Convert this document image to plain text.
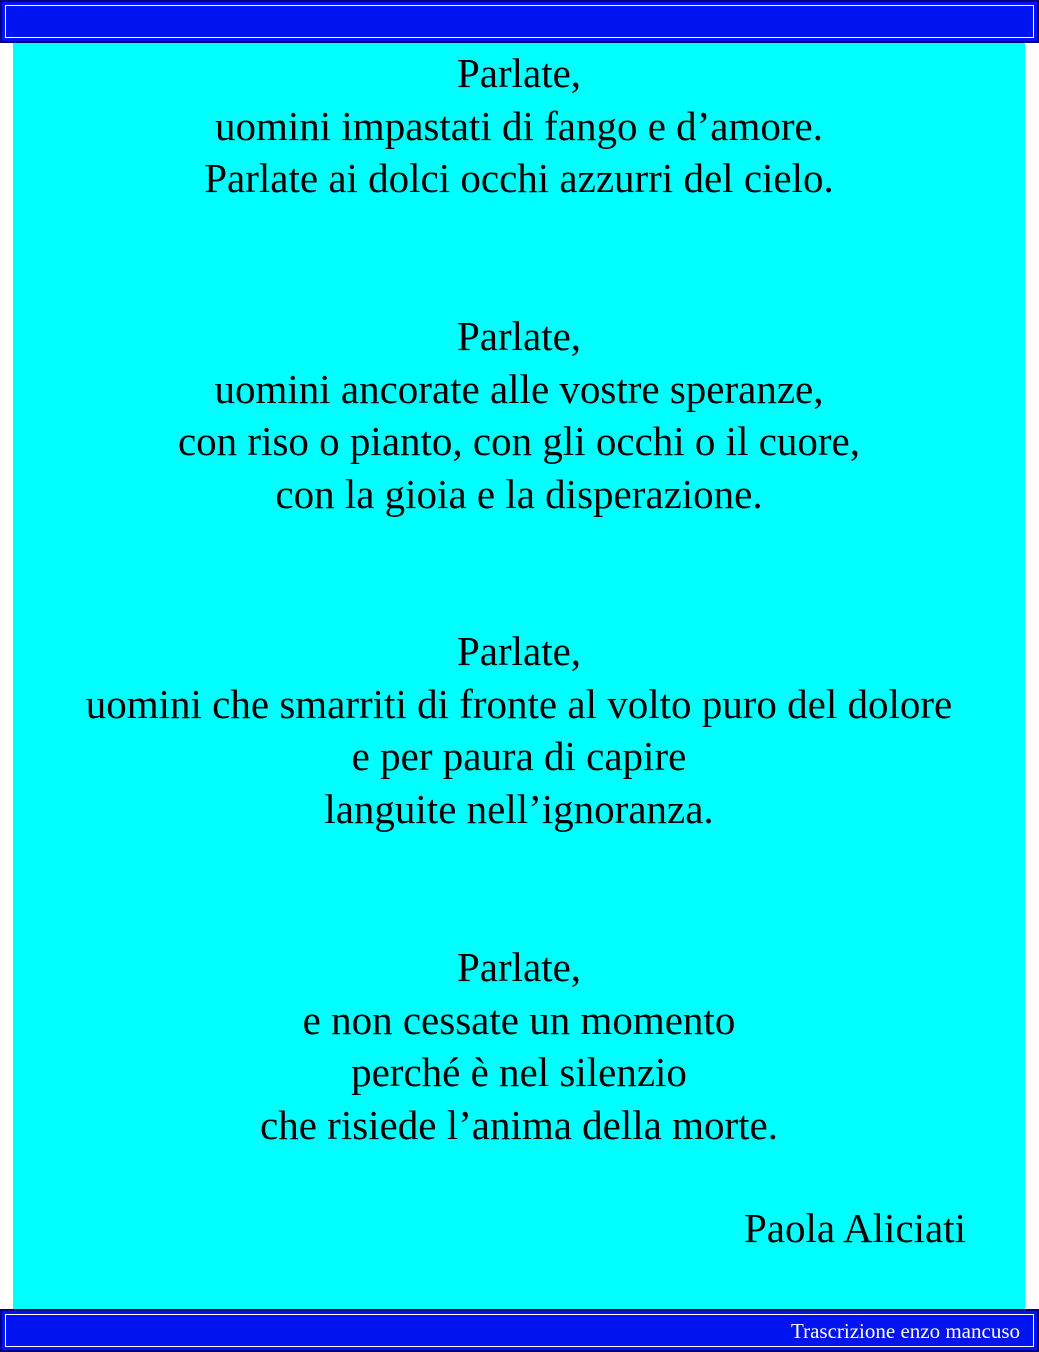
Parlate,
uomini impastati di fango e d’amore.
Parlate ai dolci occhi azzurri del cielo.
Parlate,
uomini ancorate alle vostre speranze,
con riso o pianto, con gli occhi o il cuore,
con la gioia e la disperazione.
Parlate,
uomini che smarriti di fronte al volto puro del dolore
e per paura di capire
languite nell’ignoranza.
Parlate,
e non cessate un momento
perché è nel silenzio
che risiede l’anima della morte.
Paola Aliciati
Trascrizione enzo mancuso
